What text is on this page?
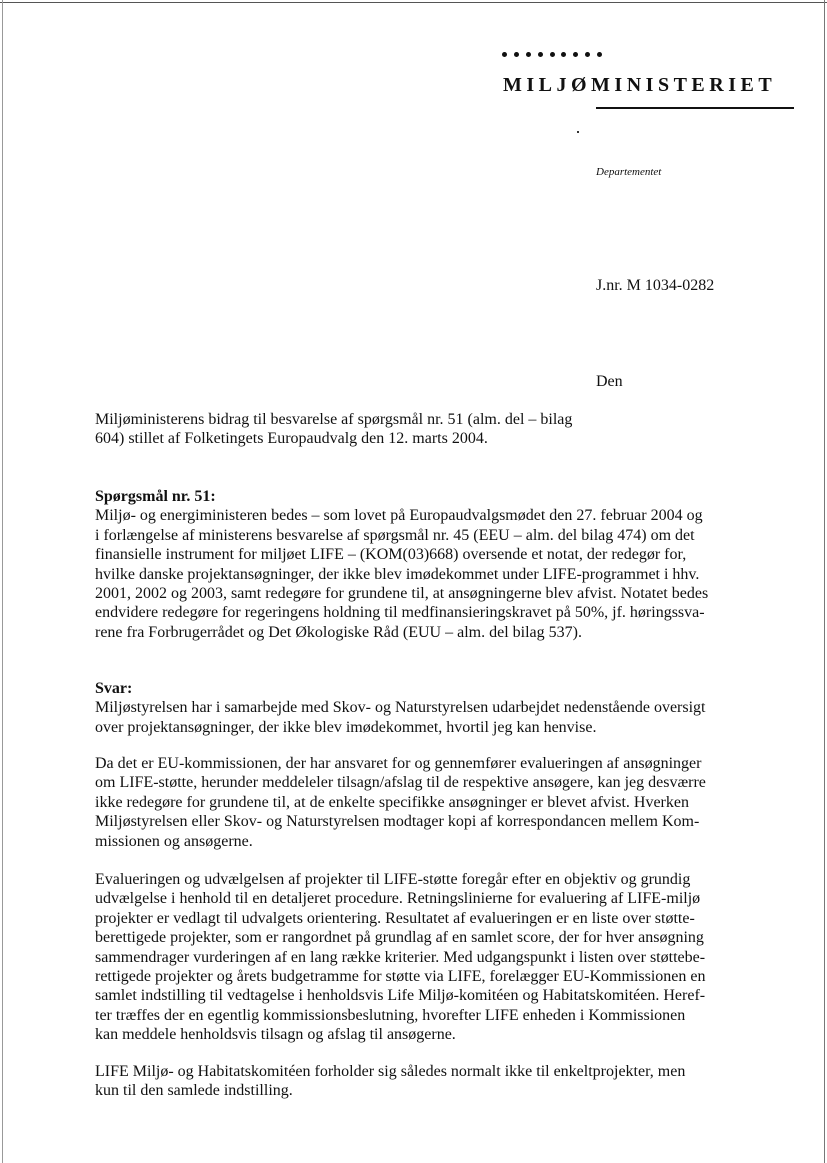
MILJØMINISTERIET
Departementet
J.nr. M 1034-0282
Den

Miljøministerens bidrag til besvarelse af spørgsmål nr. 51 (alm. del – bilag

604) stillet af Folketingets Europaudvalg den 12. marts 2004.

Spørgsmål nr. 51:

Miljø- og energiministeren bedes – som lovet på Europaudvalgsmødet den 27. februar 2004 og

i forlængelse af ministerens besvarelse af spørgsmål nr. 45 (EEU – alm. del bilag 474) om det

finansielle instrument for miljøet LIFE – (KOM(03)668) oversende et notat, der redegør for,

hvilke danske projektansøgninger, der ikke blev imødekommet under LIFE-programmet i hhv.

2001, 2002 og 2003, samt redegøre for grundene til, at ansøgningerne blev afvist. Notatet bedes

endvidere redegøre for regeringens holdning til medfinansieringskravet på 50%, jf. høringssva-

rene fra Forbrugerrådet og Det Økologiske Råd (EUU – alm. del bilag 537).

Svar:

Miljøstyrelsen har i samarbejde med Skov- og Naturstyrelsen udarbejdet nedenstående oversigt

over projektansøgninger, der ikke blev imødekommet, hvortil jeg kan henvise.

Da det er EU-kommissionen, der har ansvaret for og gennemfører evalueringen af ansøgninger

om LIFE-støtte, herunder meddeleler tilsagn/afslag til de respektive ansøgere, kan jeg desværre

ikke redegøre for grundene til, at de enkelte specifikke ansøgninger er blevet afvist. Hverken

Miljøstyrelsen eller Skov- og Naturstyrelsen modtager kopi af korrespondancen mellem Kom-

missionen og ansøgerne.

Evalueringen og udvælgelsen af projekter til LIFE-støtte foregår efter en objektiv og grundig

udvælgelse i henhold til en detaljeret procedure. Retningslinierne for evaluering af LIFE-miljø

projekter er vedlagt til udvalgets orientering. Resultatet af evalueringen er en liste over støtte-

berettigede projekter, som er rangordnet på grundlag af en samlet score, der for hver ansøgning

sammendrager vurderingen af en lang række kriterier. Med udgangspunkt i listen over støttebe-

rettigede projekter og årets budgetramme for støtte via LIFE, forelægger EU-Kommissionen en

samlet indstilling til vedtagelse i henholdsvis Life Miljø-komitéen og Habitatskomitéen. Heref-

ter træffes der en egentlig kommissionsbeslutning, hvorefter LIFE enheden i Kommissionen

kan meddele henholdsvis tilsagn og afslag til ansøgerne.

LIFE Miljø- og Habitatskomitéen forholder sig således normalt ikke til enkeltprojekter, men

kun til den samlede indstilling.
